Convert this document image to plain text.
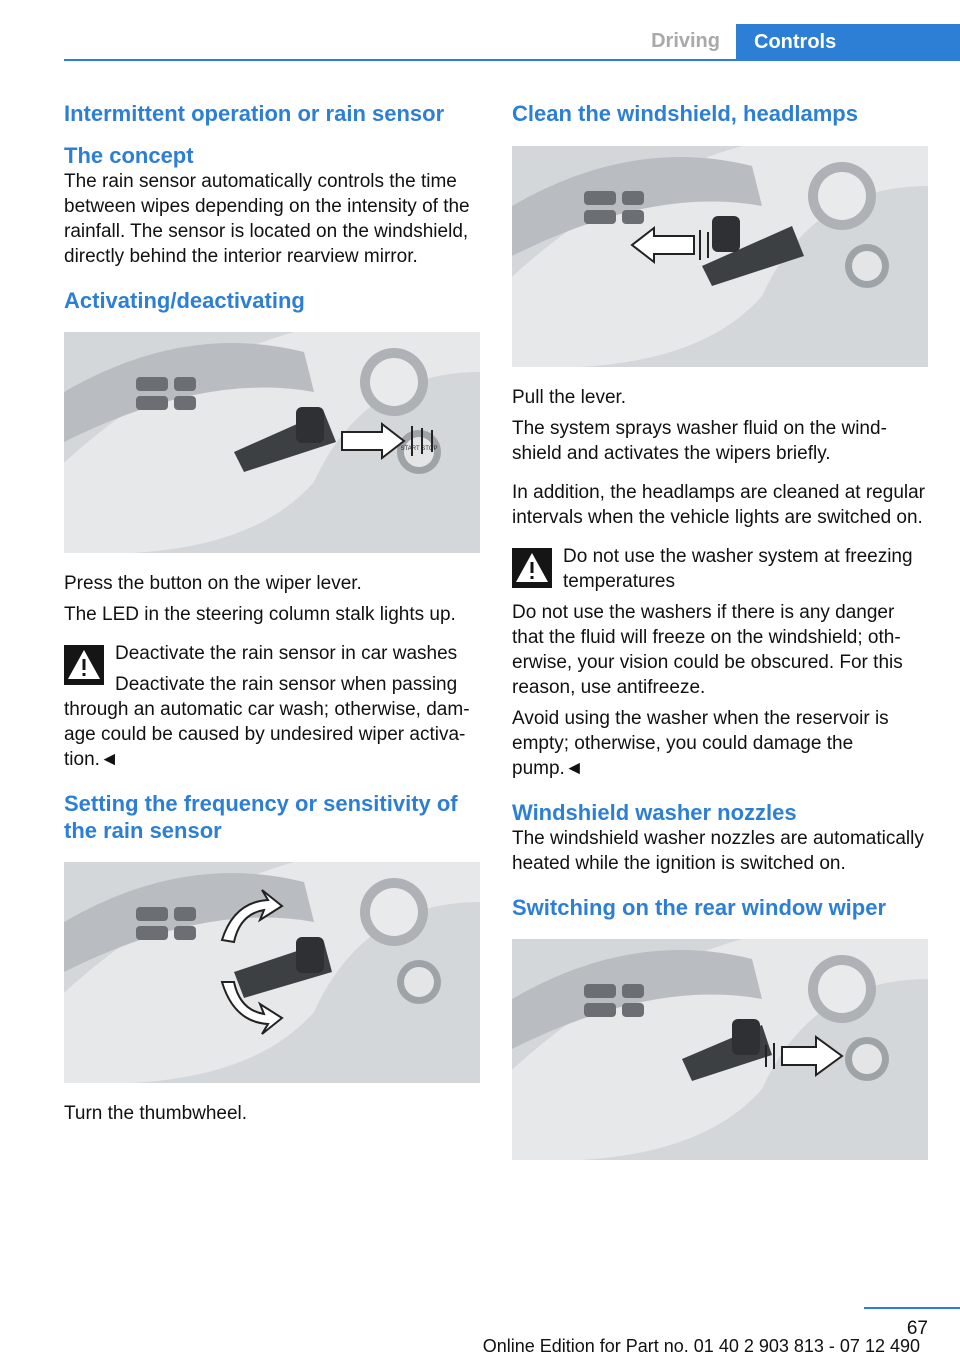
Driving	Controls
Intermittent operation or rain sensor
The concept

The rain sensor automatically controls the time between wipes depending on the intensity of the rainfall. The sensor is located on the windshield, directly behind the interior rearview mirror.

Activating/deactivating
START STOP

Press the button on the wiper lever.

The LED in the steering column stalk lights up.

Deactivate the rain sensor in car washes

Deactivate the rain sensor when passing through an automatic car wash; otherwise, damage could be caused by undesired wiper activation.◄

Setting the frequency or sensitivity of the rain sensor

Turn the thumbwheel.

Clean the windshield, headlamps

Pull the lever.

The system sprays washer fluid on the windshield and activates the wipers briefly.

In addition, the headlamps are cleaned at regular intervals when the vehicle lights are switched on.

Do not use the washer system at freezing temperatures

Do not use the washers if there is any danger that the fluid will freeze on the windshield; otherwise, your vision could be obscured. For this reason, use antifreeze.

Avoid using the washer when the reservoir is empty; otherwise, you could damage the pump.◄

Windshield washer nozzles

The windshield washer nozzles are automatically heated while the ignition is switched on.

Switching on the rear window wiper
67
Online Edition for Part no. 01 40 2 903 813 - 07 12 490
